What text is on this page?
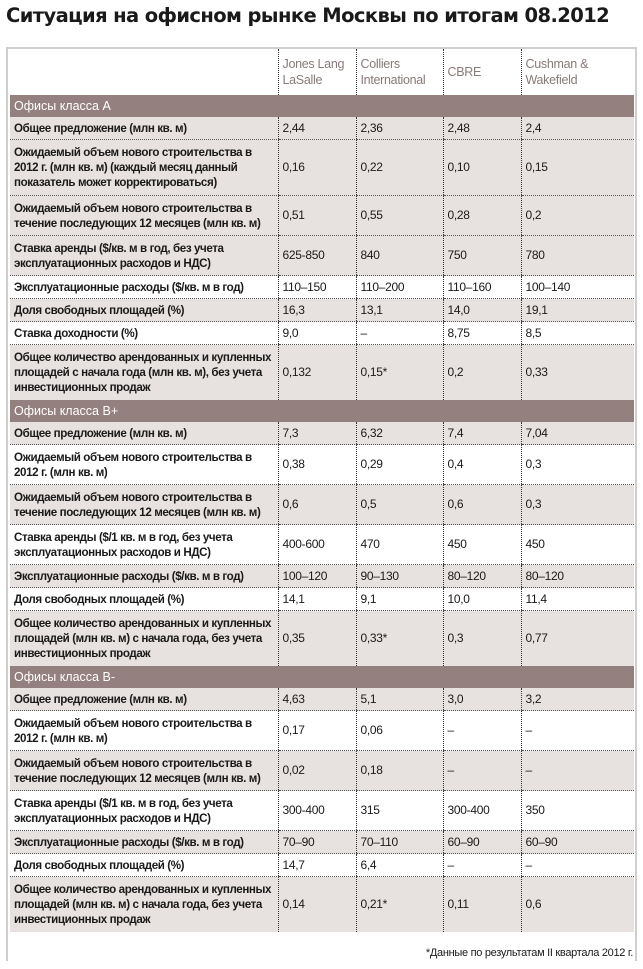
Ситуация на офисном рынке Москвы по итогам 08.2012
	Jones Lang LaSalle	Colliers International	CBRE	Cushman & Wakefield
Офисы класса А				
Общее предложение (млн кв. м)	2,44	2,36	2,48	2,4
Ожидаемый объем нового строительства в 2012 г. (млн кв. м) (каждый месяц данный показатель может корректироваться)	0,16	0,22	0,10	0,15
Ожидаемый объем нового строительства в течение последующих 12 месяцев (млн кв. м)	0,51	0,55	0,28	0,2
Ставка аренды ($/кв. м в год, без учета эксплуатационных расходов и НДС)	625-850	840	750	780
Эксплуатационные расходы ($/кв. м в год)	110–150	110–200	110–160	100–140
Доля свободных площадей (%)	16,3	13,1	14,0	19,1
Ставка доходности (%)	9,0	–	8,75	8,5
Общее количество арендованных и купленных площадей с начала года (млн кв. м), без учета инвестиционных продаж	0,132	0,15*	0,2	0,33
Офисы класса В+				
Общее предложение (млн кв. м)	7,3	6,32	7,4	7,04
Ожидаемый объем нового строительства в 2012 г. (млн кв. м)	0,38	0,29	0,4	0,3
Ожидаемый объем нового строительства в течение последующих 12 месяцев (млн кв. м)	0,6	0,5	0,6	0,3
Ставка аренды ($/1 кв. м в год, без учета эксплуатационных расходов и НДС)	400-600	470	450	450
Эксплуатационные расходы ($/кв. м в год)	100–120	90–130	80–120	80–120
Доля свободных площадей (%)	14,1	9,1	10,0	11,4
Общее количество арендованных и купленных площадей (млн кв. м) с начала года, без учета инвестиционных продаж	0,35	0,33*	0,3	0,77
Офисы класса В-				
Общее предложение (млн кв. м)	4,63	5,1	3,0	3,2
Ожидаемый объем нового строительства в 2012 г. (млн кв. м)	0,17	0,06	–	–
Ожидаемый объем нового строительства в течение последующих 12 месяцев (млн кв. м)	0,02	0,18	–	–
Ставка аренды ($/1 кв. м в год, без учета эксплуатационных расходов и НДС)	300-400	315	300-400	350
Эксплуатационные расходы ($/кв. м в год)	70–90	70–110	60–90	60–90
Доля свободных площадей (%)	14,7	6,4	–	–
Общее количество арендованных и купленных площадей (млн кв. м) с начала года, без учета инвестиционных продаж	0,14	0,21*	0,11	0,6
*Данные по результатам II квартала 2012 г.
